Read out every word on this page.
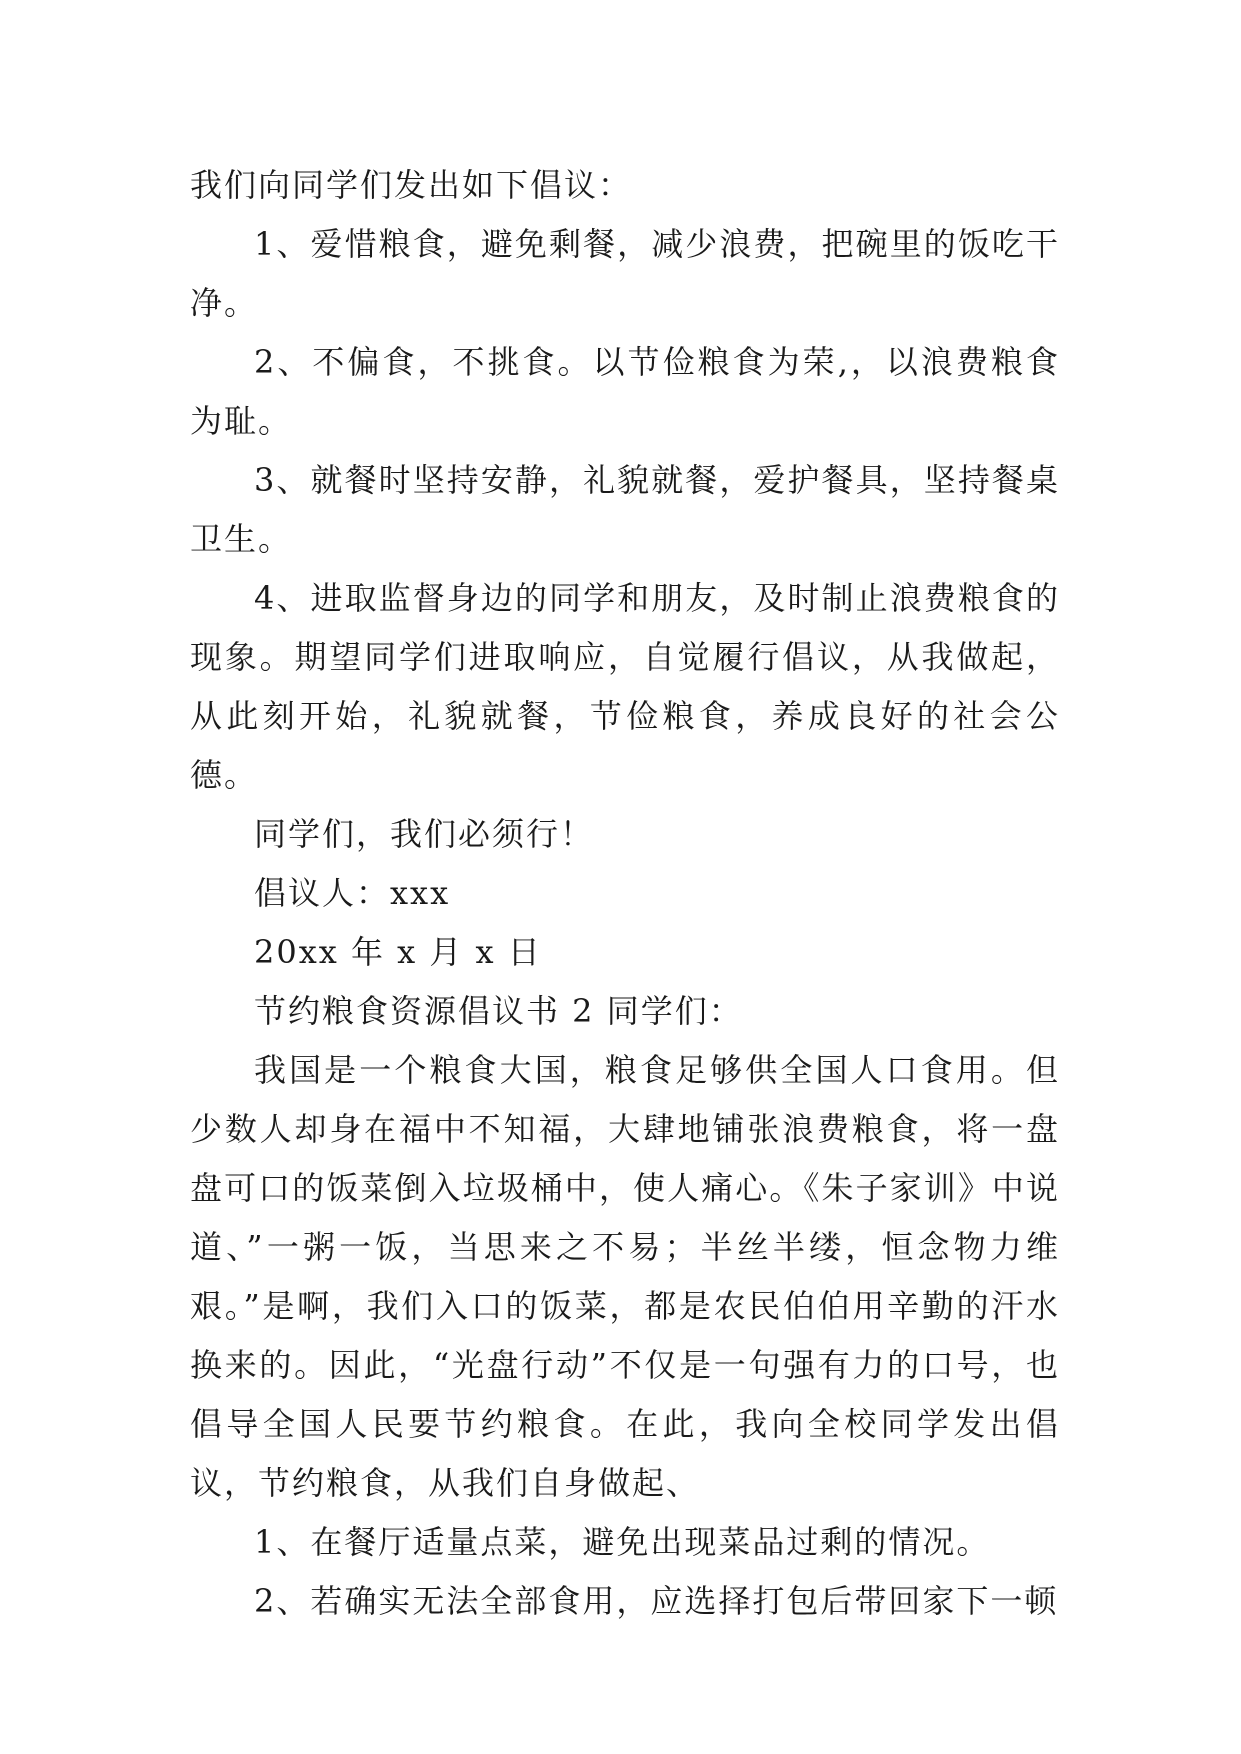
我们向同学们发出如下倡议：

1、爱惜粮食，避免剩餐，减少浪费，把碗里的饭吃干净。

2、不偏食，不挑食。以节俭粮食为荣,，以浪费粮食为耻。

3、就餐时坚持安静，礼貌就餐，爱护餐具，坚持餐桌卫生。

4、进取监督身边的同学和朋友，及时制止浪费粮食的现象。期望同学们进取响应，自觉履行倡议，从我做起，从此刻开始，礼貌就餐，节俭粮食，养成良好的社会公德。

同学们，我们必须行！

倡议人：xxx

20xx 年 x 月 x 日

节约粮食资源倡议书 2 同学们：

我国是一个粮食大国，粮食足够供全国人口食用。但少数人却身在福中不知福，大肆地铺张浪费粮食，将一盘盘可口的饭菜倒入垃圾桶中，使人痛心。《朱子家训》中说道、”一粥一饭，当思来之不易；半丝半缕，恒念物力维艰。”是啊，我们入口的饭菜，都是农民伯伯用辛勤的汗水换来的。因此，“光盘行动”不仅是一句强有力的口号，也倡导全国人民要节约粮食。在此，我向全校同学发出倡议，节约粮食，从我们自身做起、

1、在餐厅适量点菜，避免出现菜品过剩的情况。

2、若确实无法全部食用，应选择打包后带回家下一顿
